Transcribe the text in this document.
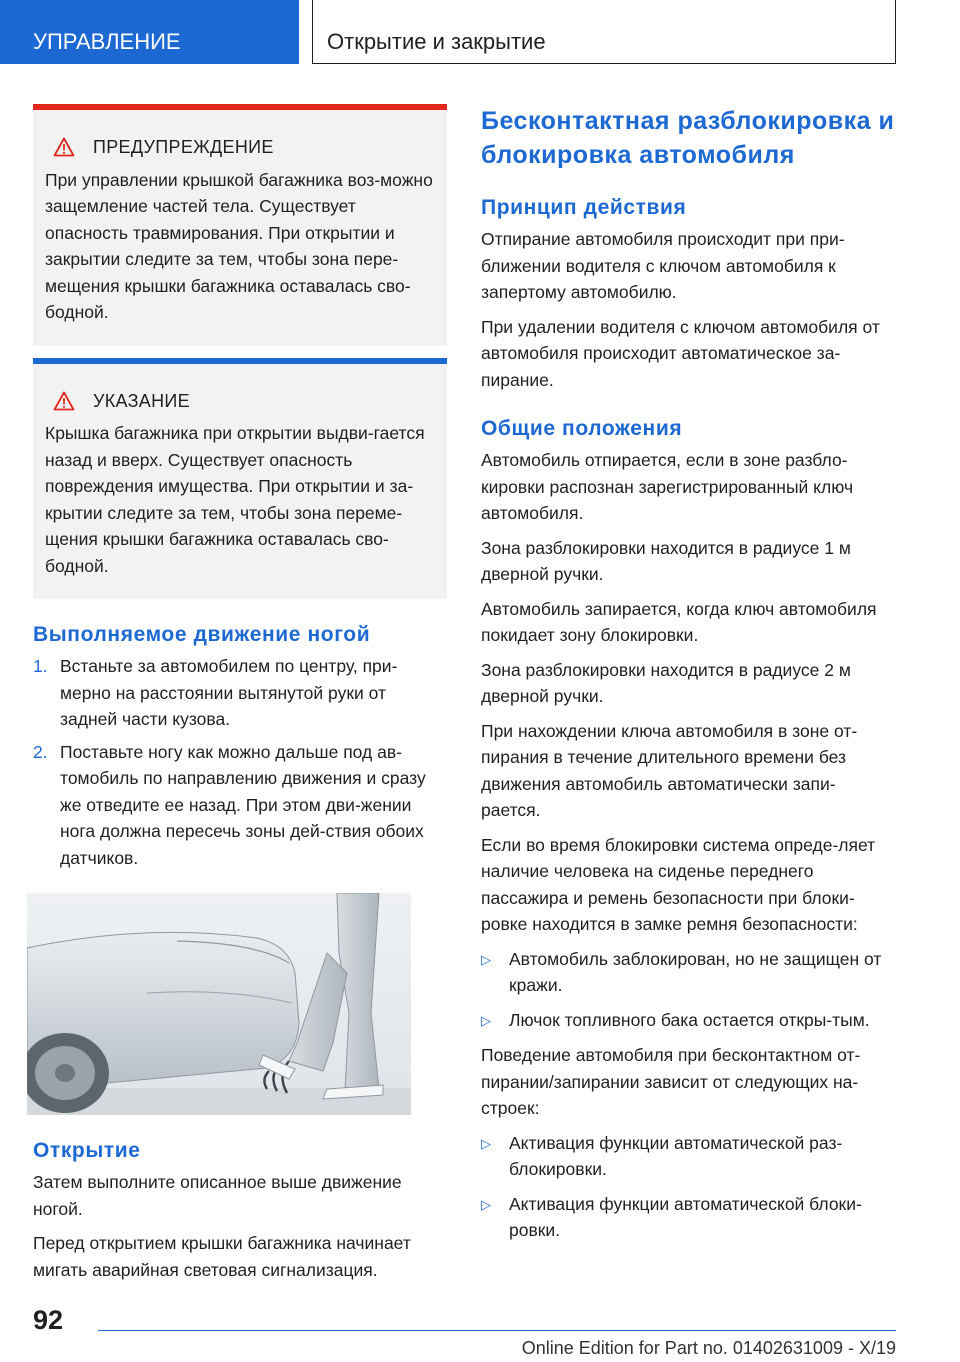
УПРАВЛЕНИЕ	Открытие и закрытие
ПРЕДУПРЕЖДЕНИЕ
При управлении крышкой багажника воз-можно защемление частей тела. Существует опасность травмирования. При открытии и закрытии следите за тем, чтобы зона пере-мещения крышки багажника оставалась сво-бодной.
УКАЗАНИЕ
Крышка багажника при открытии выдви-гается назад и вверх. Существует опасность повреждения имущества. При открытии и за-крытии следите за тем, чтобы зона переме-щения крышки багажника оставалась сво-бодной.
Выполняемое движение ногой
1. Встаньте за автомобилем по центру, при-мерно на расстоянии вытянутой руки от задней части кузова.
2. Поставьте ногу как можно дальше под ав-томобиль по направлению движения и сразу же отведите ее назад. При этом дви-жении нога должна пересечь зоны дей-ствия обоих датчиков.
Открытие

Затем выполните описанное выше движение ногой.

Перед открытием крышки багажника начинает мигать аварийная световая сигнализация.

Бесконтактная разблокировка и блокировка автомобиля
Принцип действия

Отпирание автомобиля происходит при при-ближении водителя с ключом автомобиля к запертому автомобилю.

При удалении водителя с ключом автомобиля от автомобиля происходит автоматическое за-пирание.

Общие положения

Автомобиль отпирается, если в зоне разбло-кировки распознан зарегистрированный ключ автомобиля.

Зона разблокировки находится в радиусе 1 м дверной ручки.

Автомобиль запирается, когда ключ автомобиля покидает зону блокировки.

Зона разблокировки находится в радиусе 2 м дверной ручки.

При нахождении ключа автомобиля в зоне от-пирания в течение длительного времени без движения автомобиль автоматически запи-рается.

Если во время блокировки система опреде-ляет наличие человека на сиденье переднего пассажира и ремень безопасности при блоки-ровке находится в замке ремня безопасности:

▷	Автомобиль заблокирован, но не защищен от кражи.
▷	Лючок топливного бака остается откры-тым.

Поведение автомобиля при бесконтактном от-пирании/запирании зависит от следующих на-строек:

▷	Активация функции автоматической раз-блокировки.
▷	Активация функции автоматической блоки-ровки.
92
Online Edition for Part no. 01402631009 - X/19
